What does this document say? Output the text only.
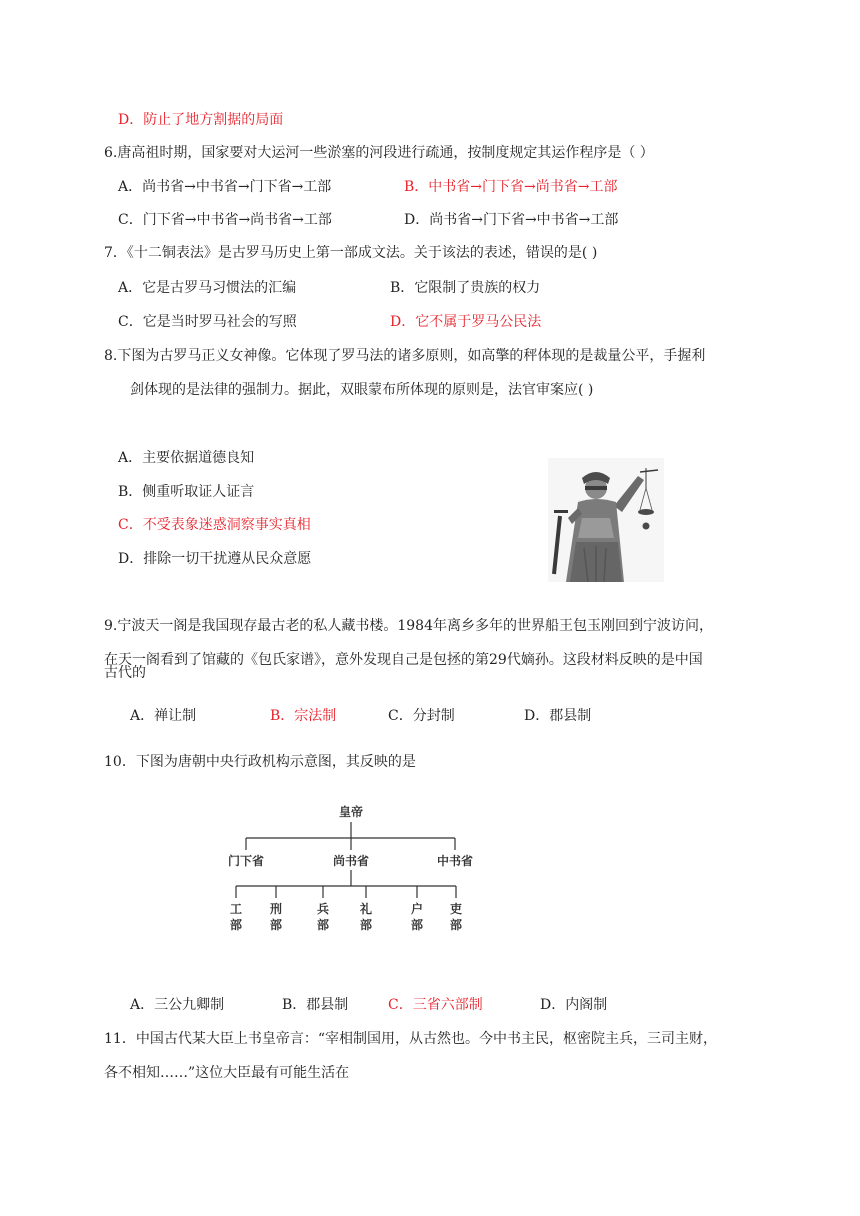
D．防止了地方割据的局面
6.唐高祖时期，国家要对大运河一些淤塞的河段进行疏通，按制度规定其运作程序是（ ）
A．尚书省→中书省→门下省→工部	B．中书省→门下省→尚书省→工部
C．门下省→中书省→尚书省→工部	D．尚书省→门下省→中书省→工部
7．《十二铜表法》是古罗马历史上第一部成文法。关于该法的表述，错误的是( )
A．它是古罗马习惯法的汇编	B．它限制了贵族的权力
C．它是当时罗马社会的写照	D．它不属于罗马公民法
8.下图为古罗马正义女神像。它体现了罗马法的诸多原则，如高擎的秤体现的是裁量公平，手握利
剑体现的是法律的强制力。据此，双眼蒙布所体现的原则是，法官审案应( )
A．主要依据道德良知
B．侧重听取证人证言
C．不受表象迷惑洞察事实真相
D．排除一切干扰遵从民众意愿
9.宁波天一阁是我国现存最古老的私人藏书楼。1984年离乡多年的世界船王包玉刚回到宁波访问，
在天一阁看到了馆藏的《包氏家谱》，意外发现自己是包拯的第29代嫡孙。这段材料反映的是中国
古代的
A．禅让制	B．宗法制	C．分封制	D．郡县制
10．下图为唐朝中央行政机构示意图，其反映的是
皇帝
门下省	尚书省	中书省
工
部
刑
部
兵
部
礼
部
户
部
吏
部
A．三公九卿制	B．郡县制	C．三省六部制	D．内阁制
11．中国古代某大臣上书皇帝言：“宰相制国用，从古然也。今中书主民，枢密院主兵，三司主财，
各不相知……”这位大臣最有可能生活在
